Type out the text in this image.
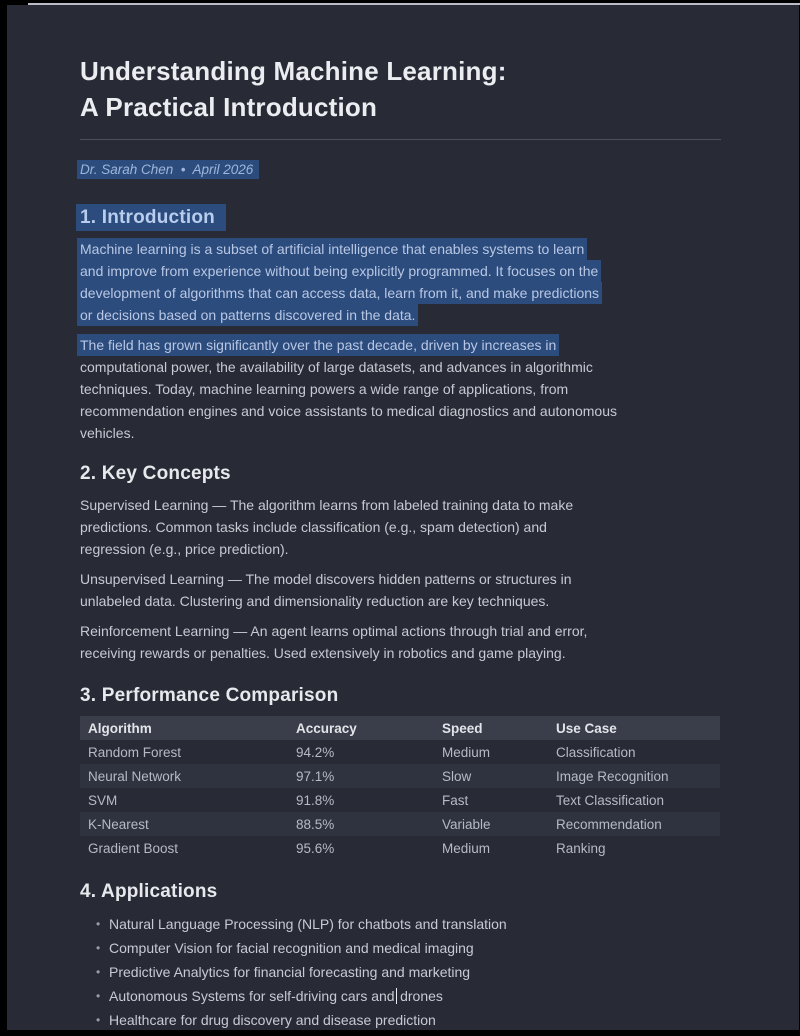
Understanding Machine Learning:
A Practical Introduction

Dr. Sarah Chen  •  April 2026

1. Introduction

Machine learning is a subset of artificial intelligence that enables systems to learn
and improve from experience without being explicitly programmed. It focuses on the
development of algorithms that can access data, learn from it, and make predictions
or decisions based on patterns discovered in the data.

The field has grown significantly over the past decade, driven by increases in
computational power, the availability of large datasets, and advances in algorithmic
techniques. Today, machine learning powers a wide range of applications, from
recommendation engines and voice assistants to medical diagnostics and autonomous
vehicles.

2. Key Concepts

Supervised Learning — The algorithm learns from labeled training data to make
predictions. Common tasks include classification (e.g., spam detection) and
regression (e.g., price prediction).

Unsupervised Learning — The model discovers hidden patterns or structures in
unlabeled data. Clustering and dimensionality reduction are key techniques.

Reinforcement Learning — An agent learns optimal actions through trial and error,
receiving rewards or penalties. Used extensively in robotics and game playing.

3. Performance Comparison
Algorithm	Accuracy	Speed	Use Case
Random Forest	94.2%	Medium	Classification
Neural Network	97.1%	Slow	Image Recognition
SVM	91.8%	Fast	Text Classification
K-Nearest	88.5%	Variable	Recommendation
Gradient Boost	95.6%	Medium	Ranking
4. Applications
• Natural Language Processing (NLP) for chatbots and translation
• Computer Vision for facial recognition and medical imaging
• Predictive Analytics for financial forecasting and marketing
• Autonomous Systems for self-driving cars and drones
• Healthcare for drug discovery and disease prediction
